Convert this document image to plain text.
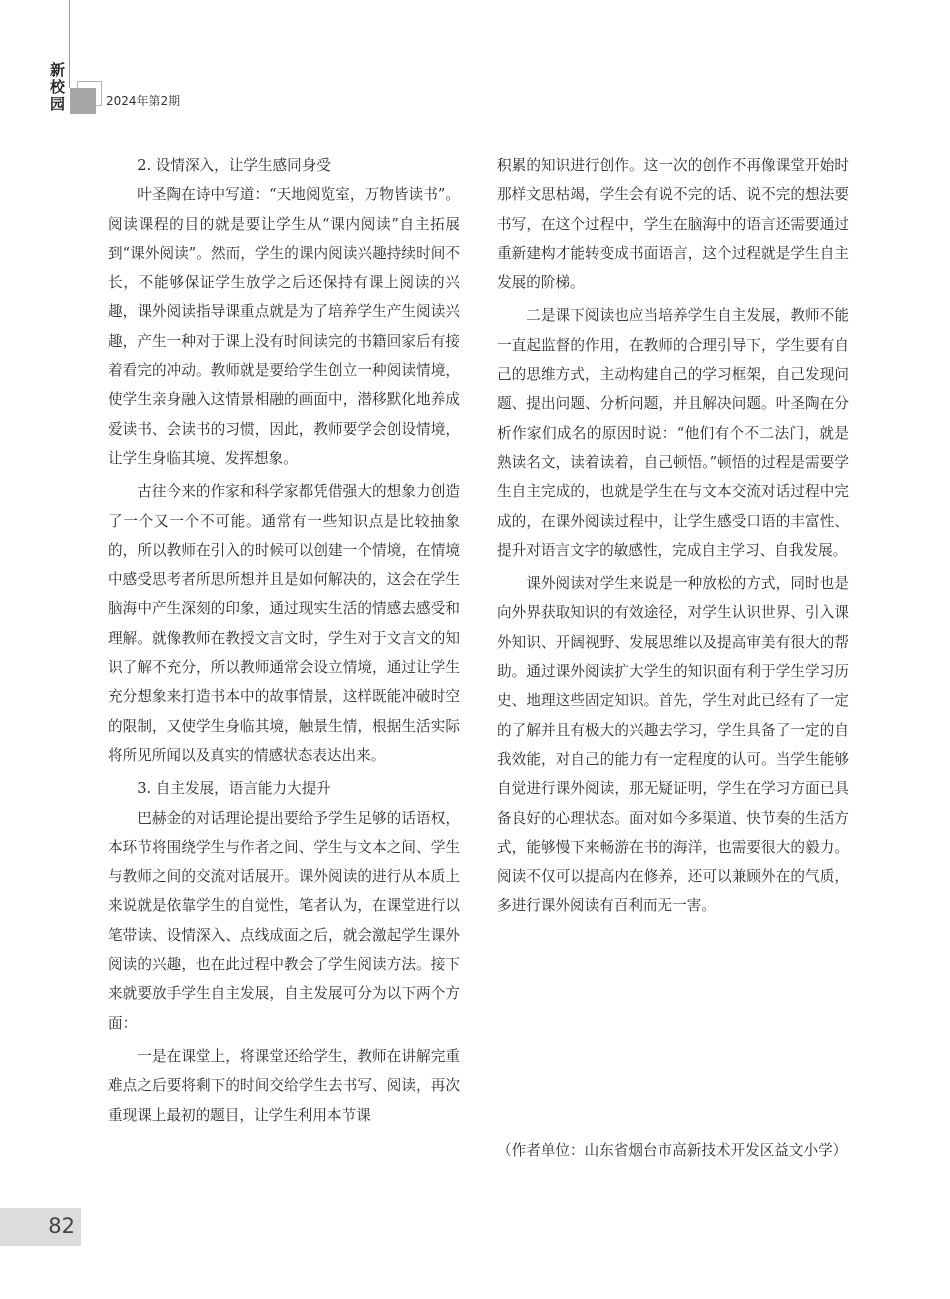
新
校
园	2024年第2期

2. 设情深入，让学生感同身受

叶圣陶在诗中写道：“天地阅览室，万物皆读书”。阅读课程的目的就是要让学生从“课内阅读”自主拓展到“课外阅读”。然而，学生的课内阅读兴趣持续时间不长，不能够保证学生放学之后还保持有课上阅读的兴趣，课外阅读指导课重点就是为了培养学生产生阅读兴趣，产生一种对于课上没有时间读完的书籍回家后有接着看完的冲动。教师就是要给学生创立一种阅读情境，使学生亲身融入这情景相融的画面中，潜移默化地养成爱读书、会读书的习惯，因此，教师要学会创设情境，让学生身临其境、发挥想象。

古往今来的作家和科学家都凭借强大的想象力创造了一个又一个不可能。通常有一些知识点是比较抽象的，所以教师在引入的时候可以创建一个情境，在情境中感受思考者所思所想并且是如何解决的，这会在学生脑海中产生深刻的印象，通过现实生活的情感去感受和理解。就像教师在教授文言文时，学生对于文言文的知识了解不充分，所以教师通常会设立情境，通过让学生充分想象来打造书本中的故事情景，这样既能冲破时空的限制，又使学生身临其境，触景生情，根据生活实际将所见所闻以及真实的情感状态表达出来。

3. 自主发展，语言能力大提升

巴赫金的对话理论提出要给予学生足够的话语权，本环节将围绕学生与作者之间、学生与文本之间、学生与教师之间的交流对话展开。课外阅读的进行从本质上来说就是依靠学生的自觉性，笔者认为，在课堂进行以笔带读、设情深入、点线成面之后，就会激起学生课外阅读的兴趣，也在此过程中教会了学生阅读方法。接下来就要放手学生自主发展，自主发展可分为以下两个方面：

一是在课堂上，将课堂还给学生，教师在讲解完重难点之后要将剩下的时间交给学生去书写、阅读，再次重现课上最初的题目，让学生利用本节课

积累的知识进行创作。这一次的创作不再像课堂开始时那样文思枯竭，学生会有说不完的话、说不完的想法要书写，在这个过程中，学生在脑海中的语言还需要通过重新建构才能转变成书面语言，这个过程就是学生自主发展的阶梯。

二是课下阅读也应当培养学生自主发展，教师不能一直起监督的作用，在教师的合理引导下，学生要有自己的思维方式，主动构建自己的学习框架，自己发现问题、提出问题、分析问题，并且解决问题。叶圣陶在分析作家们成名的原因时说：“他们有个不二法门，就是熟读名文，读着读着，自己顿悟。”顿悟的过程是需要学生自主完成的，也就是学生在与文本交流对话过程中完成的，在课外阅读过程中，让学生感受口语的丰富性、提升对语言文字的敏感性，完成自主学习、自我发展。

课外阅读对学生来说是一种放松的方式，同时也是向外界获取知识的有效途径，对学生认识世界、引入课外知识、开阔视野、发展思维以及提高审美有很大的帮助。通过课外阅读扩大学生的知识面有利于学生学习历史、地理这些固定知识。首先，学生对此已经有了一定的了解并且有极大的兴趣去学习，学生具备了一定的自我效能，对自己的能力有一定程度的认可。当学生能够自觉进行课外阅读，那无疑证明，学生在学习方面已具备良好的心理状态。面对如今多渠道、快节奏的生活方式，能够慢下来畅游在书的海洋，也需要很大的毅力。阅读不仅可以提高内在修养，还可以兼顾外在的气质，多进行课外阅读有百利而无一害。

（作者单位：山东省烟台市高新技术开发区益文小学）
82
